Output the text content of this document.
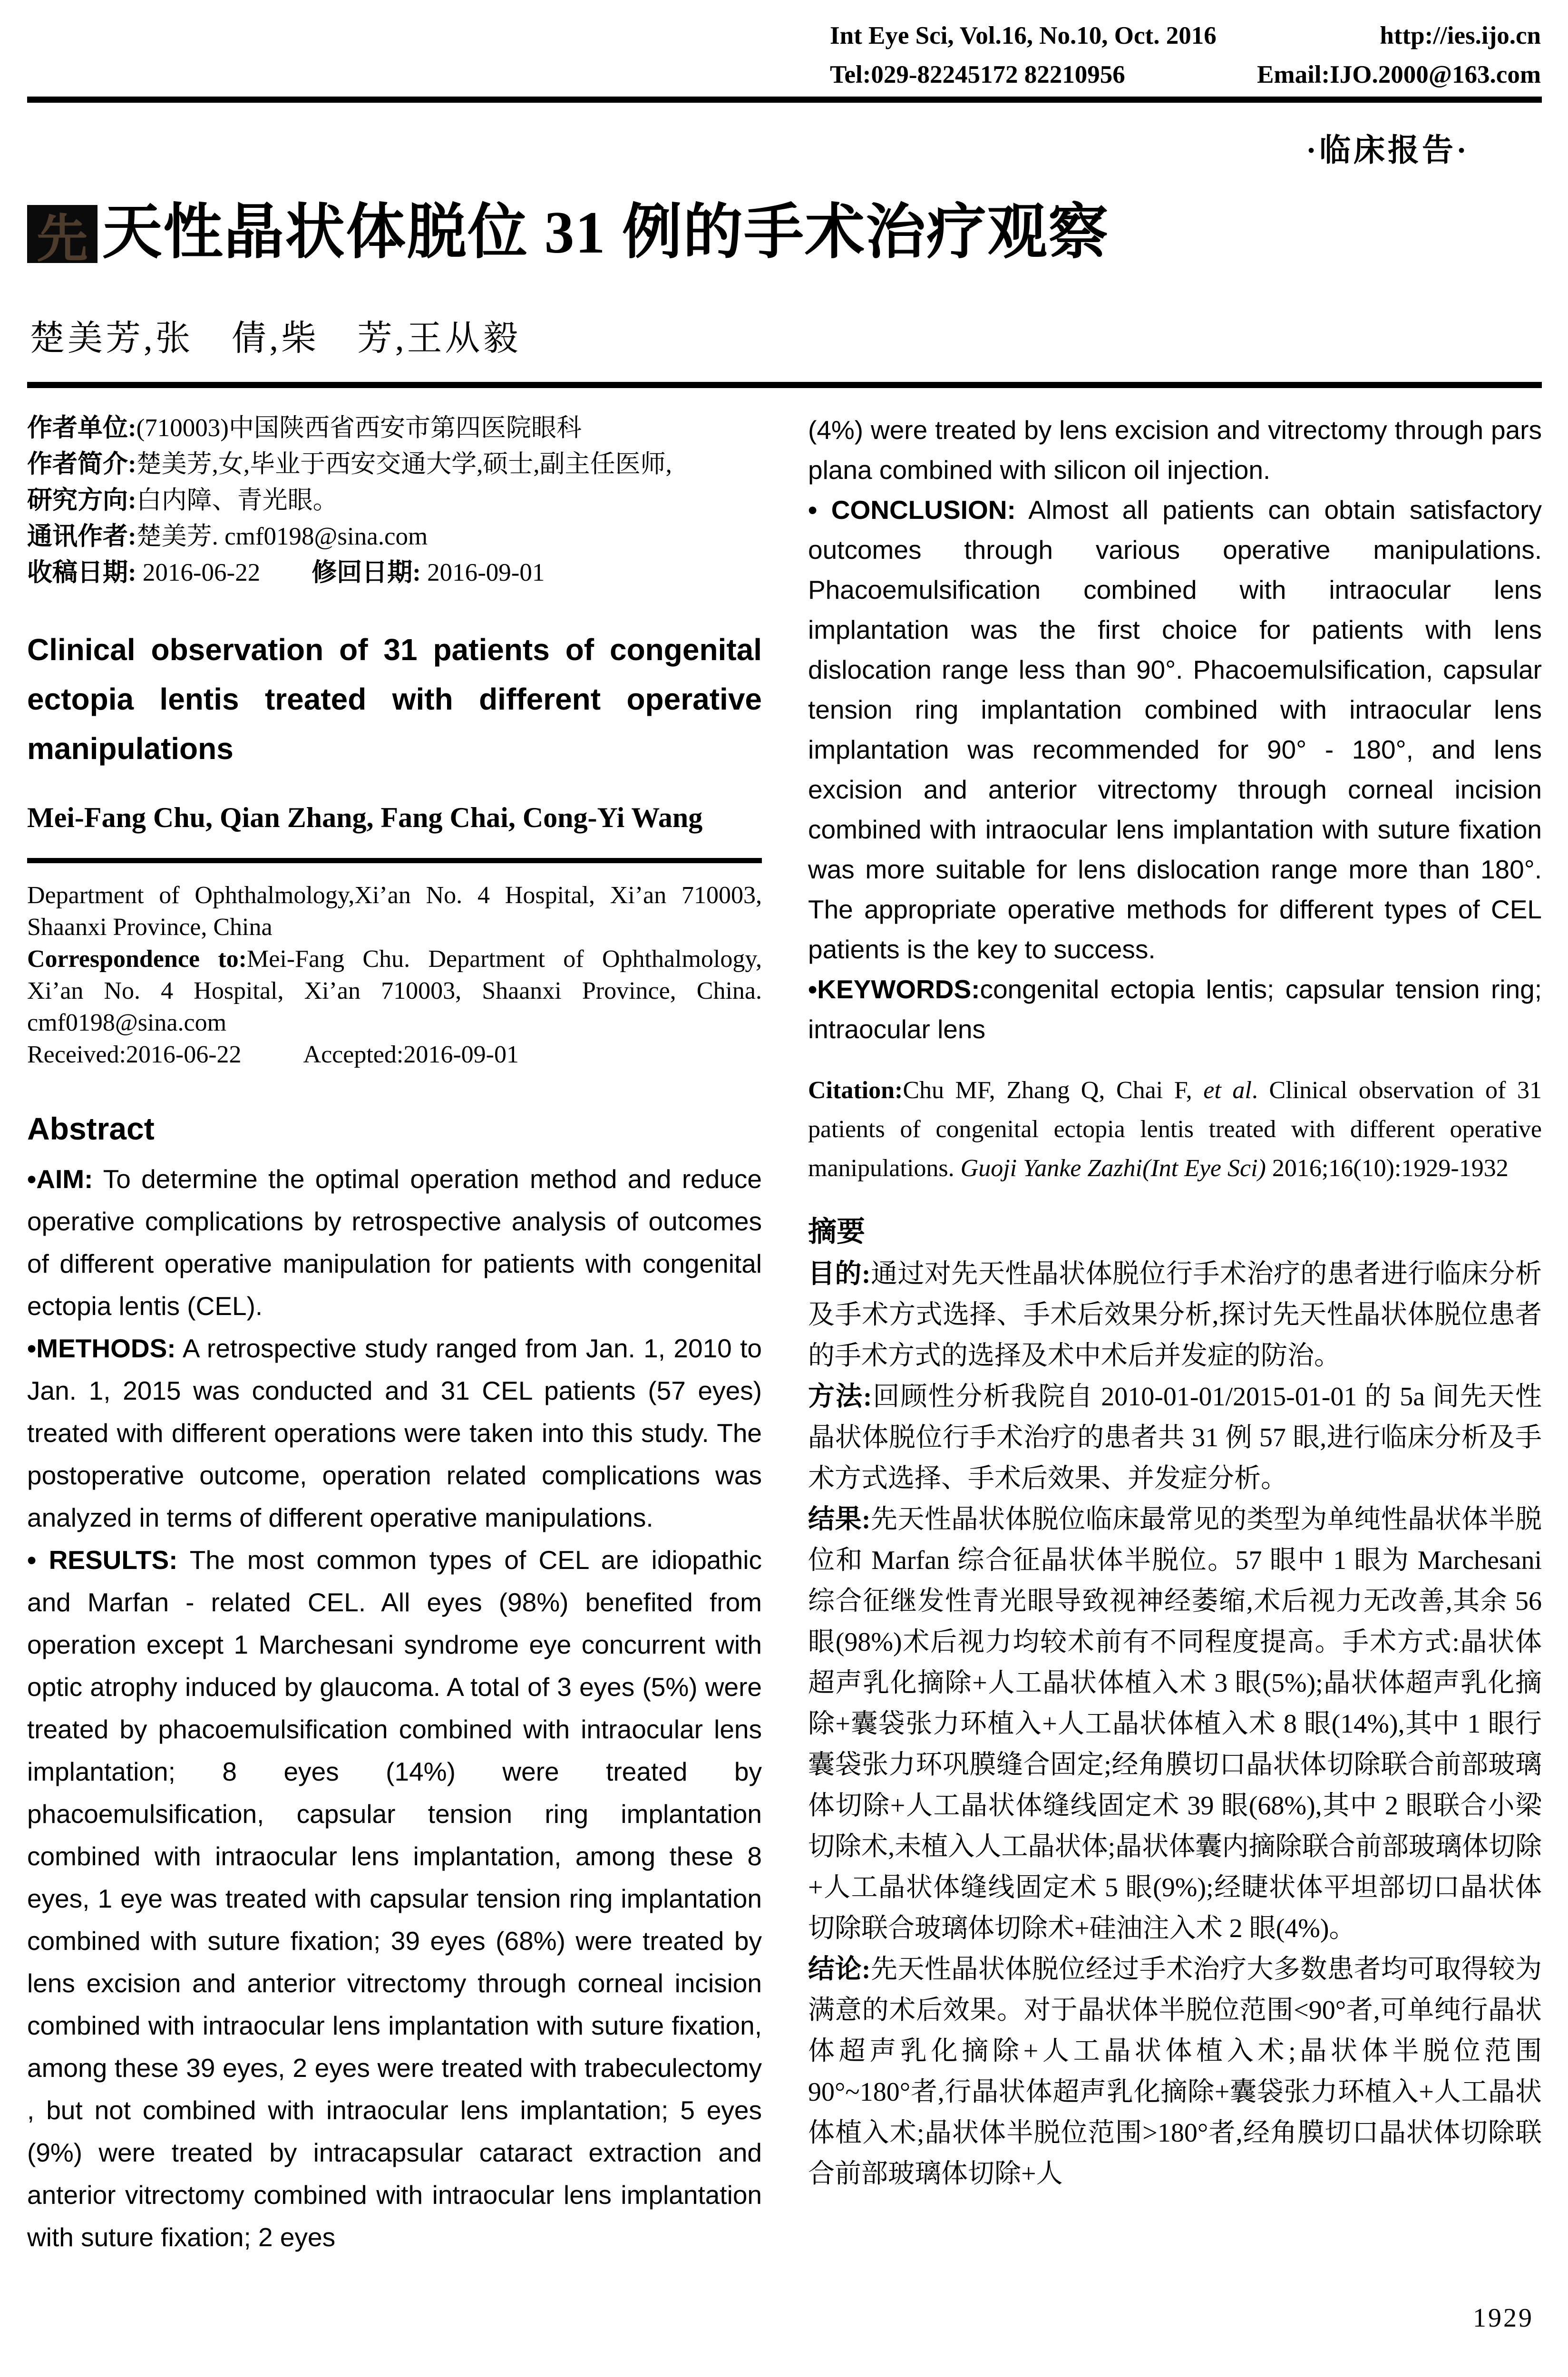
Int Eye Sci, Vol.16, No.10, Oct. 2016	http://ies.ijo.cn
Tel:029-82245172 82210956	Email:IJO.2000@163.com
·临床报告·
先 天性晶状体脱位 31 例的手术治疗观察
楚美芳,张　倩,柴　芳,王从毅

作者单位:(710003)中国陕西省西安市第四医院眼科

作者简介:楚美芳,女,毕业于西安交通大学,硕士,副主任医师,

研究方向:白内障、青光眼。

通讯作者:楚美芳. cmf0198@sina.com

收稿日期: 2016-06-22 修回日期: 2016-09-01

Clinical observation of 31 patients of congenital ectopia lentis treated with different operative manipulations
Mei-Fang Chu, Qian Zhang, Fang Chai, Cong-Yi Wang

Department of Ophthalmology,Xi’an No. 4 Hospital, Xi’an 710003, Shaanxi Province, China

Correspondence to:Mei-Fang Chu. Department of Ophthalmology, Xi’an No. 4 Hospital, Xi’an 710003, Shaanxi Province, China. cmf0198@sina.com

Received:2016-06-22	Accepted:2016-09-01

Abstract

•AIM: To determine the optimal operation method and reduce operative complications by retrospective analysis of outcomes of different operative manipulation for patients with congenital ectopia lentis (CEL).

•METHODS: A retrospective study ranged from Jan. 1, 2010 to Jan. 1, 2015 was conducted and 31 CEL patients (57 eyes) treated with different operations were taken into this study. The postoperative outcome, operation related complications was analyzed in terms of different operative manipulations.

• RESULTS: The most common types of CEL are idiopathic and Marfan - related CEL. All eyes (98%) benefited from operation except 1 Marchesani syndrome eye concurrent with optic atrophy induced by glaucoma. A total of 3 eyes (5%) were treated by phacoemulsification combined with intraocular lens implantation; 8 eyes (14%) were treated by phacoemulsification, capsular tension ring implantation combined with intraocular lens implantation, among these 8 eyes, 1 eye was treated with capsular tension ring implantation combined with suture fixation; 39 eyes (68%) were treated by lens excision and anterior vitrectomy through corneal incision combined with intraocular lens implantation with suture fixation, among these 39 eyes, 2 eyes were treated with trabeculectomy , but not combined with intraocular lens implantation; 5 eyes (9%) were treated by intracapsular cataract extraction and anterior vitrectomy combined with intraocular lens implantation with suture fixation; 2 eyes

(4%) were treated by lens excision and vitrectomy through pars plana combined with silicon oil injection.

• CONCLUSION: Almost all patients can obtain satisfactory outcomes through various operative manipulations. Phacoemulsification combined with intraocular lens implantation was the first choice for patients with lens dislocation range less than 90°. Phacoemulsification, capsular tension ring implantation combined with intraocular lens implantation was recommended for 90° - 180°, and lens excision and anterior vitrectomy through corneal incision combined with intraocular lens implantation with suture fixation was more suitable for lens dislocation range more than 180°. The appropriate operative methods for different types of CEL patients is the key to success.

•KEYWORDS:congenital ectopia lentis; capsular tension ring; intraocular lens

Citation:Chu MF, Zhang Q, Chai F, et al. Clinical observation of 31 patients of congenital ectopia lentis treated with different operative manipulations. Guoji Yanke Zazhi(Int Eye Sci) 2016;16(10):1929-1932

摘要

目的:通过对先天性晶状体脱位行手术治疗的患者进行临床分析及手术方式选择、手术后效果分析,探讨先天性晶状体脱位患者的手术方式的选择及术中术后并发症的防治。

方法:回顾性分析我院自 2010-01-01/2015-01-01 的 5a 间先天性晶状体脱位行手术治疗的患者共 31 例 57 眼,进行临床分析及手术方式选择、手术后效果、并发症分析。

结果:先天性晶状体脱位临床最常见的类型为单纯性晶状体半脱位和 Marfan 综合征晶状体半脱位。57 眼中 1 眼为 Marchesani 综合征继发性青光眼导致视神经萎缩,术后视力无改善,其余 56 眼(98%)术后视力均较术前有不同程度提高。手术方式:晶状体超声乳化摘除+人工晶状体植入术 3 眼(5%);晶状体超声乳化摘除+囊袋张力环植入+人工晶状体植入术 8 眼(14%),其中 1 眼行囊袋张力环巩膜缝合固定;经角膜切口晶状体切除联合前部玻璃体切除+人工晶状体缝线固定术 39 眼(68%),其中 2 眼联合小梁切除术,未植入人工晶状体;晶状体囊内摘除联合前部玻璃体切除+人工晶状体缝线固定术 5 眼(9%);经睫状体平坦部切口晶状体切除联合玻璃体切除术+硅油注入术 2 眼(4%)。

结论:先天性晶状体脱位经过手术治疗大多数患者均可取得较为满意的术后效果。对于晶状体半脱位范围<90°者,可单纯行晶状体超声乳化摘除+人工晶状体植入术;晶状体半脱位范围 90°~180°者,行晶状体超声乳化摘除+囊袋张力环植入+人工晶状体植入术;晶状体半脱位范围>180°者,经角膜切口晶状体切除联合前部玻璃体切除+人

1929
